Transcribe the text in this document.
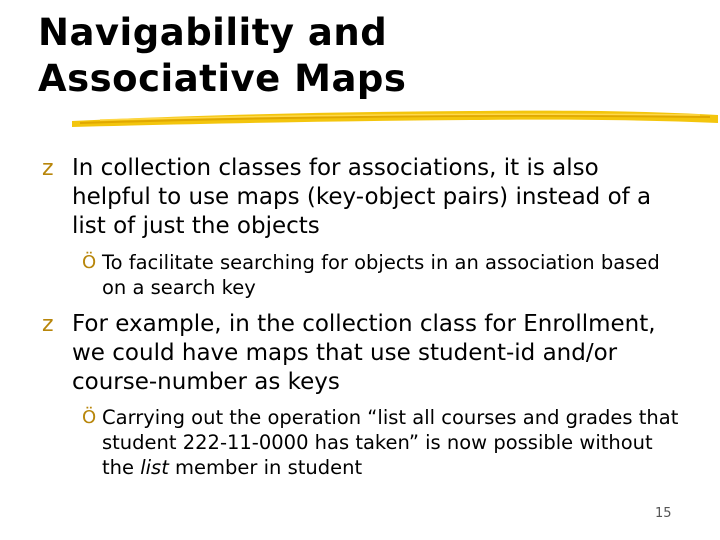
Navigability and
Associative Maps
z In collection classes for associations, it is also helpful to use maps (key-object pairs) instead of a list of just the objects
Ö To facilitate searching for objects in an association based on a search key
z For example, in the collection class for Enrollment, we could have maps that use student-id and/or course-number as keys
Ö Carrying out the operation “list all courses and grades that student 222-11-0000 has taken” is now possible without the list member in student
15
